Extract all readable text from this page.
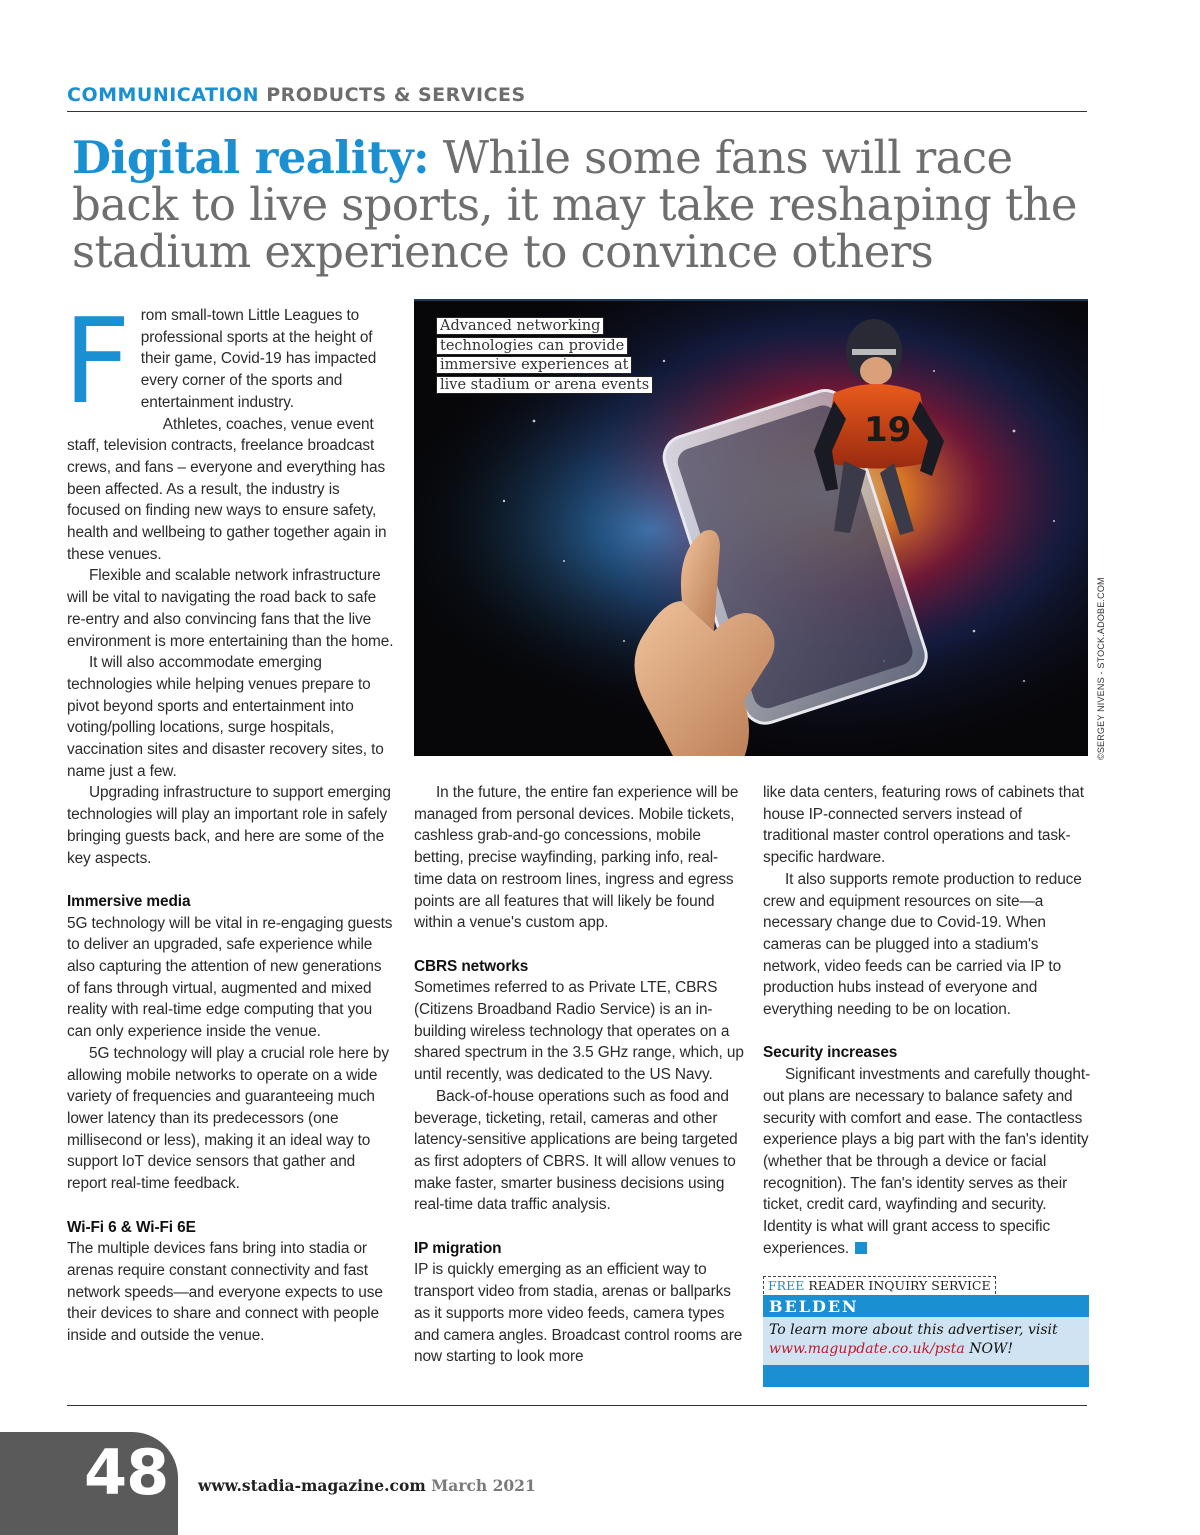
COMMUNICATION PRODUCTS & SERVICES
Digital reality: While some fans will race back to live sports, it may take reshaping the stadium experience to convince others

From small-town Little Leagues to professional sports at the height of their game, Covid-19 has impacted every corner of the sports and entertainment industry.

Athletes, coaches, venue event staff, television contracts, freelance broadcast crews, and fans – everyone and everything has been affected. As a result, the industry is focused on finding new ways to ensure safety, health and wellbeing to gather together again in these venues.

Flexible and scalable network infrastructure will be vital to navigating the road back to safe re-entry and also convincing fans that the live environment is more entertaining than the home.

It will also accommodate emerging technologies while helping venues prepare to pivot beyond sports and entertainment into voting/polling locations, surge hospitals, vaccination sites and disaster recovery sites, to name just a few.

Upgrading infrastructure to support emerging technologies will play an important role in safely bringing guests back, and here are some of the key aspects.

Immersive media

5G technology will be vital in re-engaging guests to deliver an upgraded, safe experience while also capturing the attention of new generations of fans through virtual, augmented and mixed reality with real-time edge computing that you can only experience inside the venue.

5G technology will play a crucial role here by allowing mobile networks to operate on a wide variety of frequencies and guaranteeing much lower latency than its predecessors (one millisecond or less), making it an ideal way to support IoT device sensors that gather and report real-time feedback.

Wi-Fi 6 & Wi-Fi 6E

The multiple devices fans bring into stadia or arenas require constant connectivity and fast network speeds—and everyone expects to use their devices to share and connect with people inside and outside the venue.

19
Advanced networking
technologies can provide
immersive experiences at
live stadium or arena events
©SERGEY NIVENS - STOCK.ADOBE.COM

In the future, the entire fan experience will be managed from personal devices. Mobile tickets, cashless grab-and-go concessions, mobile betting, precise wayfinding, parking info, real-time data on restroom lines, ingress and egress points are all features that will likely be found within a venue's custom app.

CBRS networks

Sometimes referred to as Private LTE, CBRS (Citizens Broadband Radio Service) is an in-building wireless technology that operates on a shared spectrum in the 3.5 GHz range, which, up until recently, was dedicated to the US Navy.

Back-of-house operations such as food and beverage, ticketing, retail, cameras and other latency-sensitive applications are being targeted as first adopters of CBRS. It will allow venues to make faster, smarter business decisions using real-time data traffic analysis.

IP migration

IP is quickly emerging as an efficient way to transport video from stadia, arenas or ballparks as it supports more video feeds, camera types and camera angles. Broadcast control rooms are now starting to look more

like data centers, featuring rows of cabinets that house IP-connected servers instead of traditional master control operations and task-specific hardware.

It also supports remote production to reduce crew and equipment resources on site—a necessary change due to Covid-19. When cameras can be plugged into a stadium's network, video feeds can be carried via IP to production hubs instead of everyone and everything needing to be on location.

Security increases

Significant investments and carefully thought-out plans are necessary to balance safety and security with comfort and ease. The contactless experience plays a big part with the fan's identity (whether that be through a device or facial recognition). The fan's identity serves as their ticket, credit card, wayfinding and security. Identity is what will grant access to specific experiences.

FREE READER INQUIRY SERVICE
BELDEN
To learn more about this advertiser, visit www.magupdate.co.uk/psta NOW!
48 www.stadia-magazine.com March 2021
